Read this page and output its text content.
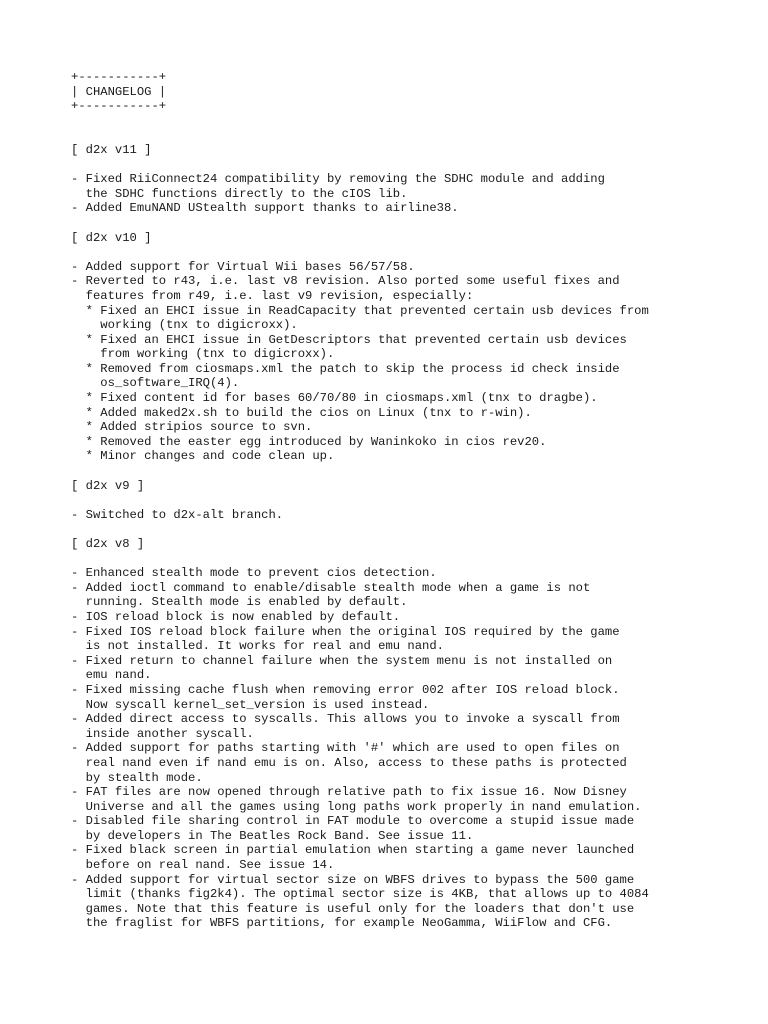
+-----------+
| CHANGELOG |
+-----------+
[ d2x v11 ]
- Fixed RiiConnect24 compatibility by removing the SDHC module and adding
the SDHC functions directly to the cIOS lib.
- Added EmuNAND UStealth support thanks to airline38.
[ d2x v10 ]
- Added support for Virtual Wii bases 56/57/58.
- Reverted to r43, i.e. last v8 revision. Also ported some useful fixes and
features from r49, i.e. last v9 revision, especially:
* Fixed an EHCI issue in ReadCapacity that prevented certain usb devices from
working (tnx to digicroxx).
* Fixed an EHCI issue in GetDescriptors that prevented certain usb devices
from working (tnx to digicroxx).
* Removed from ciosmaps.xml the patch to skip the process id check inside
os_software_IRQ(4).
* Fixed content id for bases 60/70/80 in ciosmaps.xml (tnx to dragbe).
* Added maked2x.sh to build the cios on Linux (tnx to r-win).
* Added stripios source to svn.
* Removed the easter egg introduced by Waninkoko in cios rev20.
* Minor changes and code clean up.
[ d2x v9 ]
- Switched to d2x-alt branch.
[ d2x v8 ]
- Enhanced stealth mode to prevent cios detection.
- Added ioctl command to enable/disable stealth mode when a game is not
running. Stealth mode is enabled by default.
- IOS reload block is now enabled by default.
- Fixed IOS reload block failure when the original IOS required by the game
is not installed. It works for real and emu nand.
- Fixed return to channel failure when the system menu is not installed on
emu nand.
- Fixed missing cache flush when removing error 002 after IOS reload block.
Now syscall kernel_set_version is used instead.
- Added direct access to syscalls. This allows you to invoke a syscall from
inside another syscall.
- Added support for paths starting with '#' which are used to open files on
real nand even if nand emu is on. Also, access to these paths is protected
by stealth mode.
- FAT files are now opened through relative path to fix issue 16. Now Disney
Universe and all the games using long paths work properly in nand emulation.
- Disabled file sharing control in FAT module to overcome a stupid issue made
by developers in The Beatles Rock Band. See issue 11.
- Fixed black screen in partial emulation when starting a game never launched
before on real nand. See issue 14.
- Added support for virtual sector size on WBFS drives to bypass the 500 game
limit (thanks fig2k4). The optimal sector size is 4KB, that allows up to 4084
games. Note that this feature is useful only for the loaders that don't use
the fraglist for WBFS partitions, for example NeoGamma, WiiFlow and CFG.
